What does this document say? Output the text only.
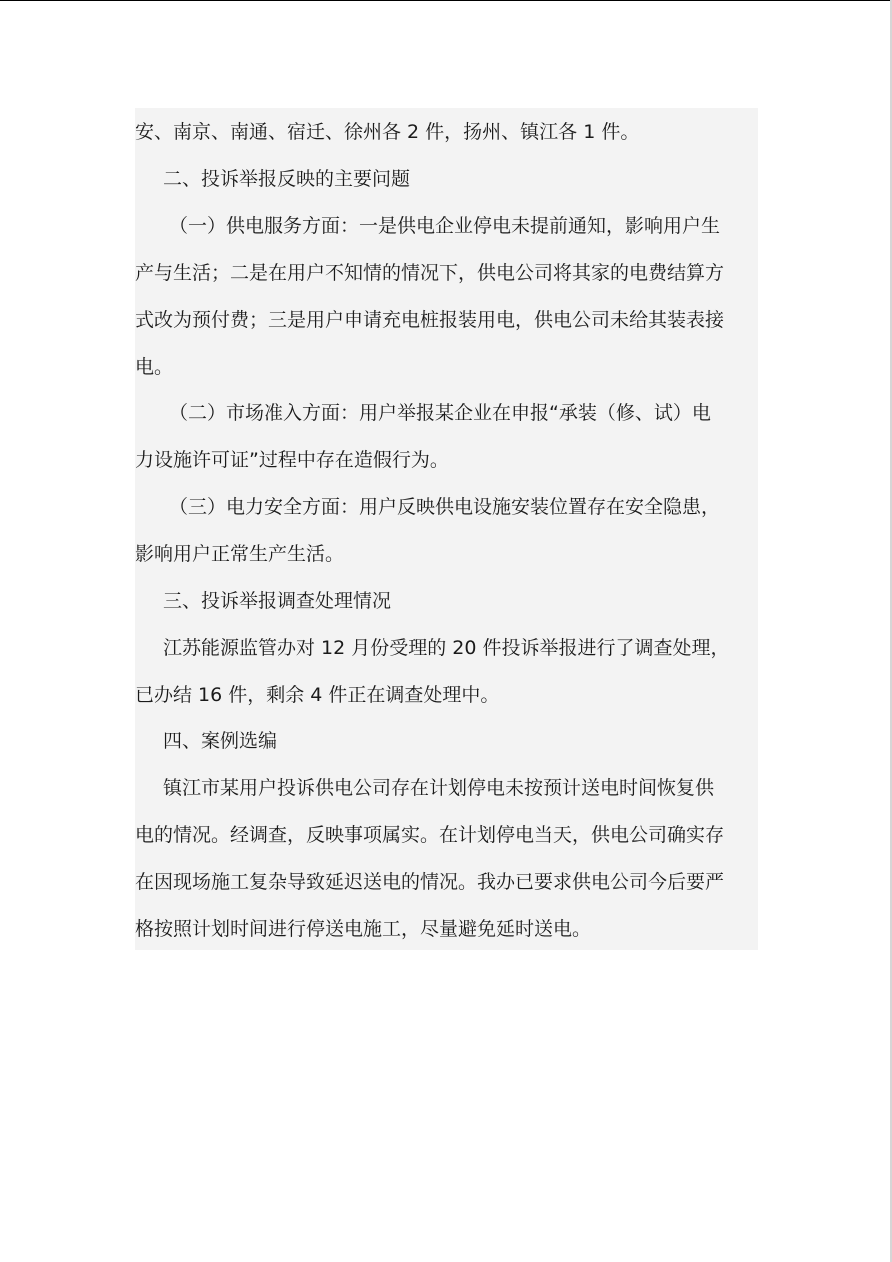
安、南京、南通、宿迁、徐州各 2 件，扬州、镇江各 1 件。
二、投诉举报反映的主要问题
（一）供电服务方面：一是供电企业停电未提前通知，影响用户生
产与生活；二是在用户不知情的情况下，供电公司将其家的电费结算方
式改为预付费；三是用户申请充电桩报装用电，供电公司未给其装表接
电。
（二）市场准入方面：用户举报某企业在申报“承装（修、试）电
力设施许可证”过程中存在造假行为。
（三）电力安全方面：用户反映供电设施安装位置存在安全隐患，
影响用户正常生产生活。
三、投诉举报调查处理情况
江苏能源监管办对 12 月份受理的 20 件投诉举报进行了调查处理，
已办结 16 件，剩余 4 件正在调查处理中。
四、案例选编
镇江市某用户投诉供电公司存在计划停电未按预计送电时间恢复供
电的情况。经调查，反映事项属实。在计划停电当天，供电公司确实存
在因现场施工复杂导致延迟送电的情况。我办已要求供电公司今后要严
格按照计划时间进行停送电施工，尽量避免延时送电。
